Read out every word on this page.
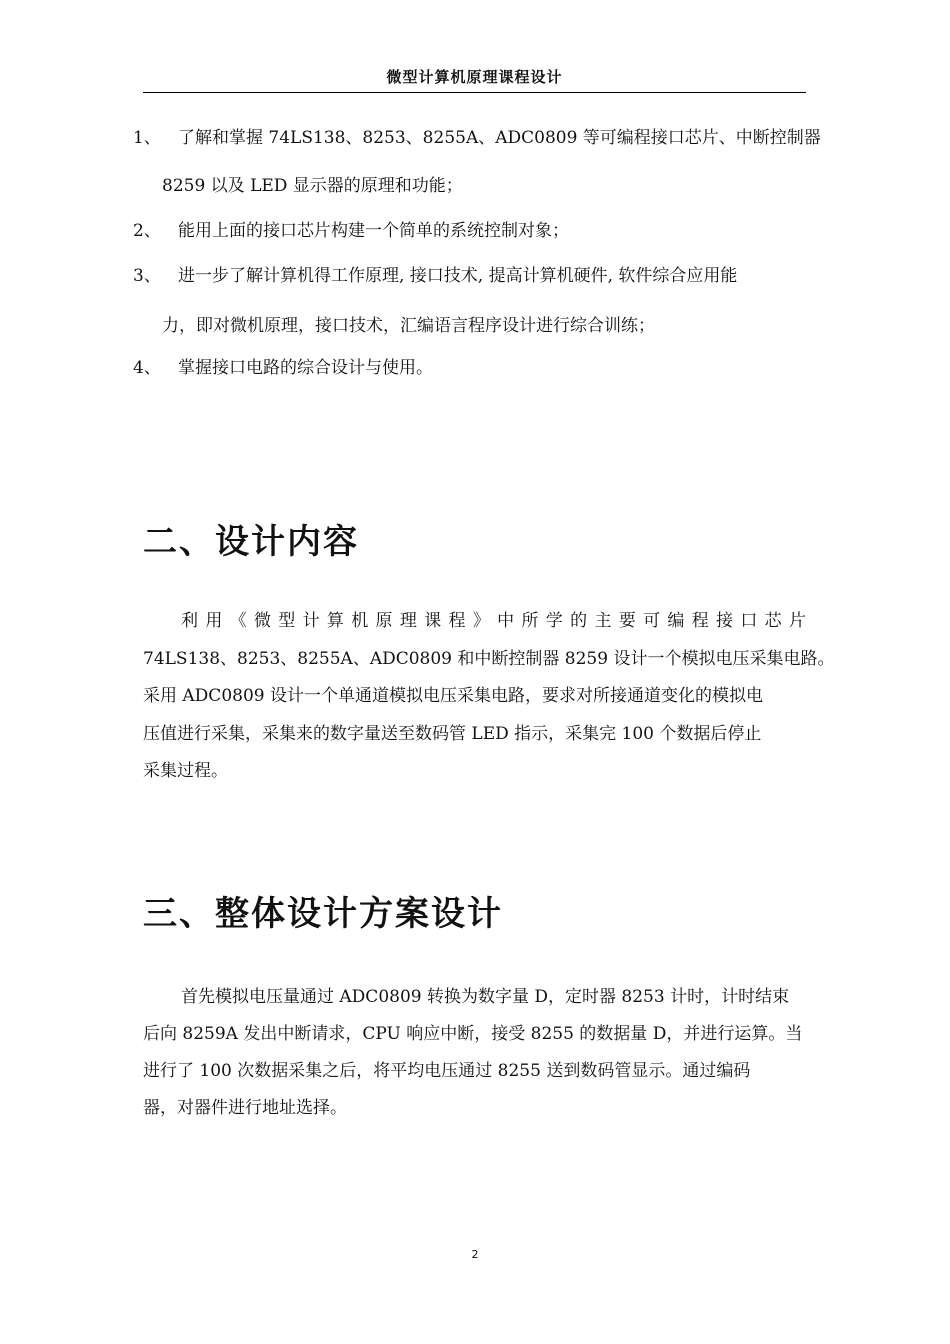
微型计算机原理课程设计
1、	了解和掌握 74LS138、8253、8255A、ADC0809 等可编程接口芯片、中断控制器
8259 以及 LED 显示器的原理和功能；
2、	能用上面的接口芯片构建一个简单的系统控制对象；
3、	进一步了解计算机得工作原理, 接口技术, 提高计算机硬件, 软件综合应用能
力，即对微机原理，接口技术，汇编语言程序设计进行综合训练；
4、	掌握接口电路的综合设计与使用。
二、设计内容
利用《微型计算机原理课程》中所学的主要可编程接口芯片
74LS138、8253、8255A、ADC0809 和中断控制器 8259 设计一个模拟电压采集电路。
采用 ADC0809 设计一个单通道模拟电压采集电路，要求对所接通道变化的模拟电
压值进行采集，采集来的数字量送至数码管 LED 指示，采集完 100 个数据后停止
采集过程。
三、整体设计方案设计
首先模拟电压量通过 ADC0809 转换为数字量 D，定时器 8253 计时，计时结束
后向 8259A 发出中断请求，CPU 响应中断，接受 8255 的数据量 D，并进行运算。当
进行了 100 次数据采集之后，将平均电压通过 8255 送到数码管显示。通过编码
器，对器件进行地址选择。
2
